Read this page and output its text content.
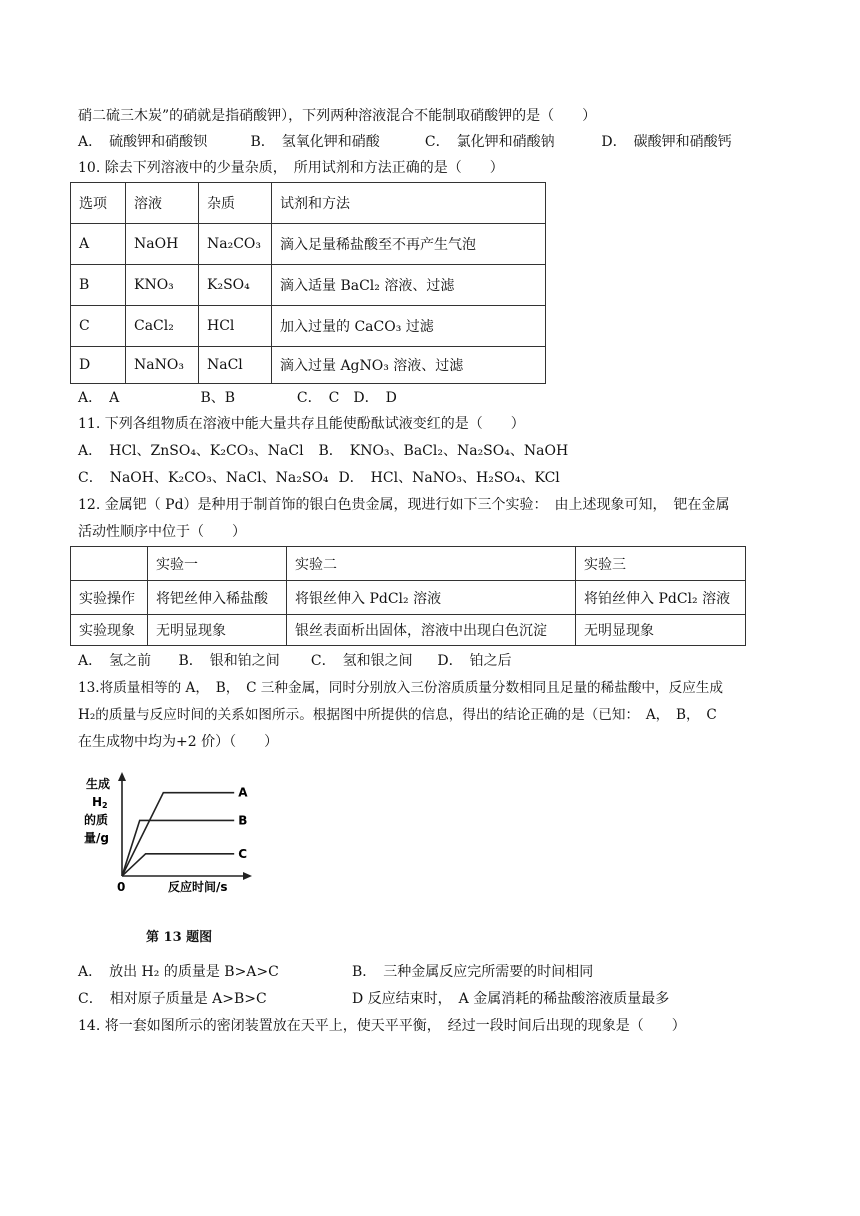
硝二硫三木炭”的硝就是指硝酸钾），下列两种溶液混合不能制取硝酸钾的是（　　）
A．　硫酸钾和硝酸钡	B．　氢氧化钾和硝酸	C．　氯化钾和硝酸钠	D．　碳酸钾和硝酸钙
10. 除去下列溶液中的少量杂质，　所用试剂和方法正确的是（　　）
选项	溶液	杂质	试剂和方法
A	NaOH	Na₂CO₃	滴入足量稀盐酸至不再产生气泡
B	KNO₃	K₂SO₄	滴入适量 BaCl₂ 溶液、过滤
C	CaCl₂	HCl	加入过量的 CaCO₃ 过滤
D	NaNO₃	NaCl	滴入过量 AgNO₃ 溶液、过滤
A．　A	B、B	C．　C D．　D
11. 下列各组物质在溶液中能大量共存且能使酚酞试液变红的是（　　）
A．　HCl、ZnSO₄、K₂CO₃、NaCl B．　KNO₃、BaCl₂、Na₂SO₄、NaOH
C．　NaOH、K₂CO₃、NaCl、Na₂SO₄ D．　HCl、NaNO₃、H₂SO₄、KCl
12. 金属钯（ Pd）是种用于制首饰的银白色贵金属，现进行如下三个实验：　由上述现象可知，　钯在金属
活动性顺序中位于（　　）
	实验一	实验二	实验三
实验操作	将钯丝伸入稀盐酸	将银丝伸入 PdCl₂ 溶液	将铂丝伸入 PdCl₂ 溶液
实验现象	无明显现象	银丝表面析出固体，溶液中出现白色沉淀	无明显现象
A．　氢之前 B．　银和铂之间 C．　氢和银之间 D．　铂之后
13.将质量相等的 A，　B，　C 三种金属，同时分别放入三份溶质质量分数相同且足量的稀盐酸中，反应生成
H₂的质量与反应时间的关系如图所示。根据图中所提供的信息，得出的结论正确的是（已知：　A，　B，　C
在生成物中均为+2 价）（　　）
生成
H2
的质
量/g
A
B
C
0	反应时间/s
第 13 题图
A．　放出 H₂ 的质量是 B>A>C	B．　三种金属反应完所需要的时间相同
C．　相对原子质量是 A>B>C	D 反应结束时，　A 金属消耗的稀盐酸溶液质量最多
14. 将一套如图所示的密闭装置放在天平上，使天平平衡，　经过一段时间后出现的现象是（　　）
